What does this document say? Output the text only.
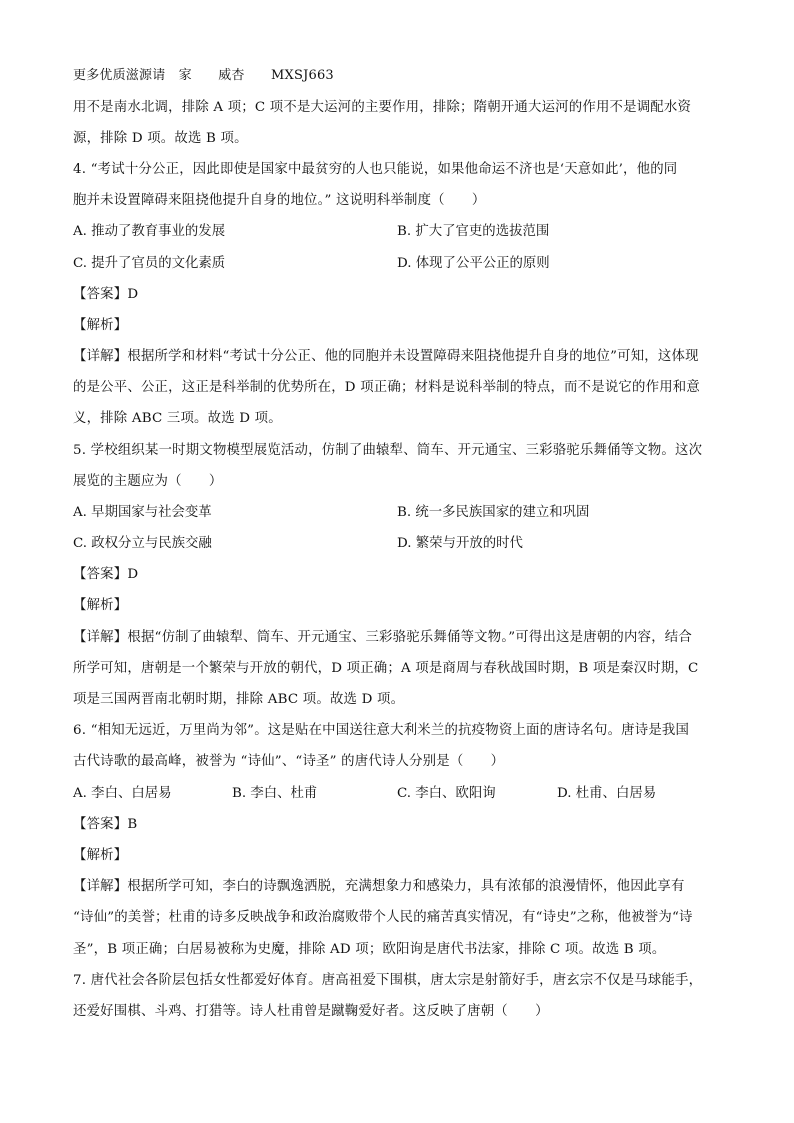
更多优质滋源请　家　　威杏　　MXSJ663
用不是南水北调，排除 A 项；C 项不是大运河的主要作用，排除；隋朝开通大运河的作用不是调配水资
源，排除 D 项。故选 B 项。
4. “考试十分公正，因此即使是国家中最贫穷的人也只能说，如果他命运不济也是‘天意如此’，他的同
胞并未设置障碍来阻挠他提升自身的地位。” 这说明科举制度（　　）
A. 推动了教育事业的发展	B. 扩大了官吏的选拔范围
C. 提升了官员的文化素质	D. 体现了公平公正的原则
【答案】D
【解析】
【详解】根据所学和材料“考试十分公正、他的同胞并未设置障碍来阻挠他提升自身的地位”可知，这体现
的是公平、公正，这正是科举制的优势所在，D 项正确；材料是说科举制的特点，而不是说它的作用和意
义，排除 ABC 三项。故选 D 项。
5. 学校组织某一时期文物模型展览活动，仿制了曲辕犁、筒车、开元通宝、三彩骆驼乐舞俑等文物。这次
展览的主题应为（　　）
A. 早期国家与社会变革	B. 统一多民族国家的建立和巩固
C. 政权分立与民族交融	D. 繁荣与开放的时代
【答案】D
【解析】
【详解】根据“仿制了曲辕犁、筒车、开元通宝、三彩骆驼乐舞俑等文物。”可得出这是唐朝的内容，结合
所学可知，唐朝是一个繁荣与开放的朝代，D 项正确；A 项是商周与春秋战国时期，B 项是秦汉时期，C
项是三国两晋南北朝时期，排除 ABC 项。故选 D 项。
6. “相知无远近，万里尚为邻”。这是贴在中国送往意大利米兰的抗疫物资上面的唐诗名句。唐诗是我国
古代诗歌的最高峰，被誉为 “诗仙”、“诗圣” 的唐代诗人分别是（　　）
A. 李白、白居易	B. 李白、杜甫	C. 李白、欧阳询	D. 杜甫、白居易
【答案】B
【解析】
【详解】根据所学可知，李白的诗飘逸洒脱，充满想象力和感染力，具有浓郁的浪漫情怀，他因此享有
“诗仙”的美誉；杜甫的诗多反映战争和政治腐败带个人民的痛苦真实情况，有“诗史”之称，他被誉为“诗
圣”，B 项正确；白居易被称为史魔，排除 AD 项；欧阳询是唐代书法家，排除 C 项。故选 B 项。
7. 唐代社会各阶层包括女性都爱好体育。唐高祖爱下围棋，唐太宗是射箭好手，唐玄宗不仅是马球能手，
还爱好围棋、斗鸡、打猎等。诗人杜甫曾是蹴鞠爱好者。这反映了唐朝（　　）
